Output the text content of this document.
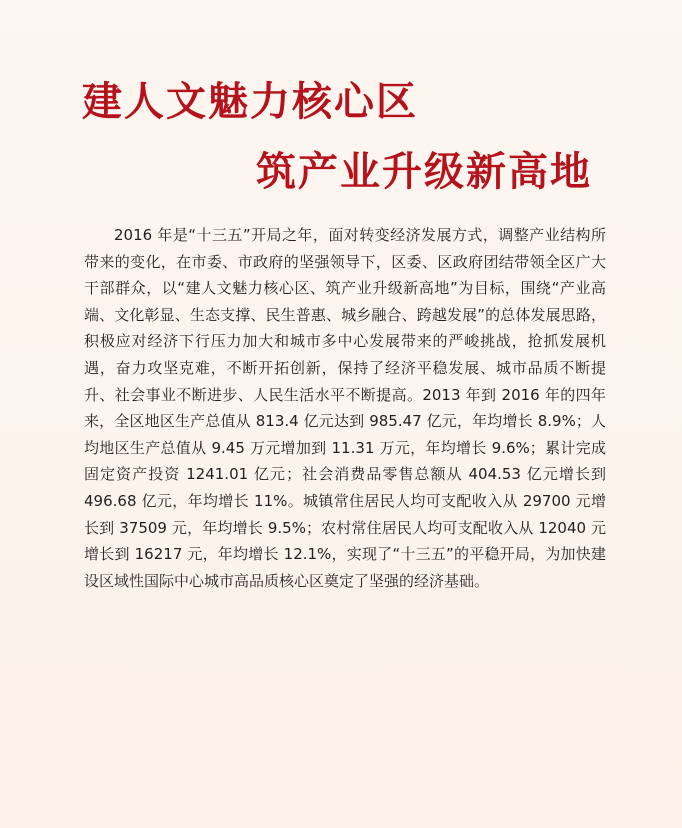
建人文魅力核心区
筑产业升级新高地

2016 年是“十三五”开局之年，面对转变经济发展方式，调整产业结构所带来的变化，在市委、市政府的坚强领导下，区委、区政府团结带领全区广大干部群众，以“建人文魅力核心区、筑产业升级新高地”为目标，围绕“产业高端、文化彰显、生态支撑、民生普惠、城乡融合、跨越发展”的总体发展思路，积极应对经济下行压力加大和城市多中心发展带来的严峻挑战，抢抓发展机遇，奋力攻坚克难，不断开拓创新，保持了经济平稳发展、城市品质不断提升、社会事业不断进步、人民生活水平不断提高。2013 年到 2016 年的四年来，全区地区生产总值从 813.4 亿元达到 985.47 亿元，年均增长 8.9%；人均地区生产总值从 9.45 万元增加到 11.31 万元，年均增长 9.6%；累计完成固定资产投资 1241.01 亿元；社会消费品零售总额从 404.53 亿元增长到 496.68 亿元，年均增长 11%。城镇常住居民人均可支配收入从 29700 元增长到 37509 元，年均增长 9.5%；农村常住居民人均可支配收入从 12040 元增长到 16217 元，年均增长 12.1%，实现了“十三五”的平稳开局，为加快建设区域性国际中心城市高品质核心区奠定了坚强的经济基础。
